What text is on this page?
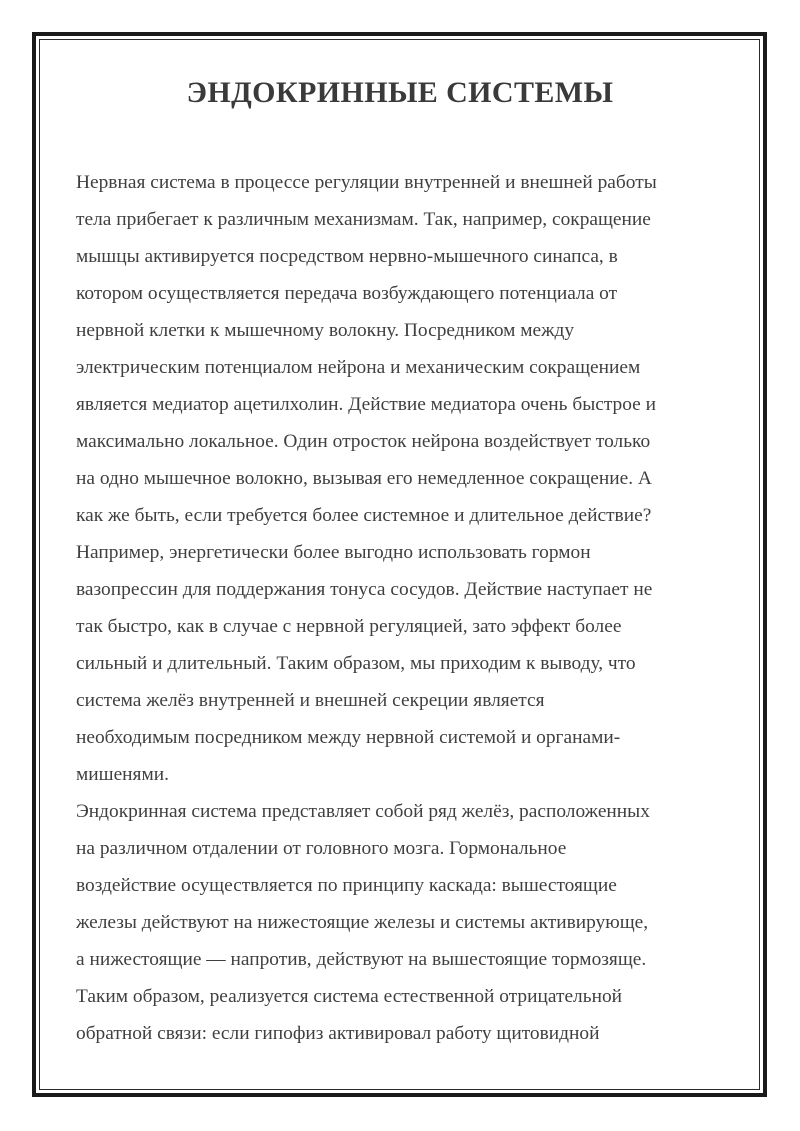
ЭНДОКРИННЫЕ СИСТЕМЫ
Нервная система в процессе регуляции внутренней и внешней работы
тела прибегает к различным механизмам. Так, например, сокращение
мышцы активируется посредством нервно-мышечного синапса, в
котором осуществляется передача возбуждающего потенциала от
нервной клетки к мышечному волокну. Посредником между
электрическим потенциалом нейрона и механическим сокращением
является медиатор ацетилхолин. Действие медиатора очень быстрое и
максимально локальное. Один отросток нейрона воздействует только
на одно мышечное волокно, вызывая его немедленное сокращение. А
как же быть, если требуется более системное и длительное действие?
Например, энергетически более выгодно использовать гормон
вазопрессин для поддержания тонуса сосудов. Действие наступает не
так быстро, как в случае с нервной регуляцией, зато эффект более
сильный и длительный. Таким образом, мы приходим к выводу, что
система желёз внутренней и внешней секреции является
необходимым посредником между нервной системой и органами-
мишенями.
Эндокринная система представляет собой ряд желёз, расположенных
на различном отдалении от головного мозга. Гормональное
воздействие осуществляется по принципу каскада: вышестоящие
железы действуют на нижестоящие железы и системы активирующе,
а нижестоящие — напротив, действуют на вышестоящие тормозяще.
Таким образом, реализуется система естественной отрицательной
обратной связи: если гипофиз активировал работу щитовидной
